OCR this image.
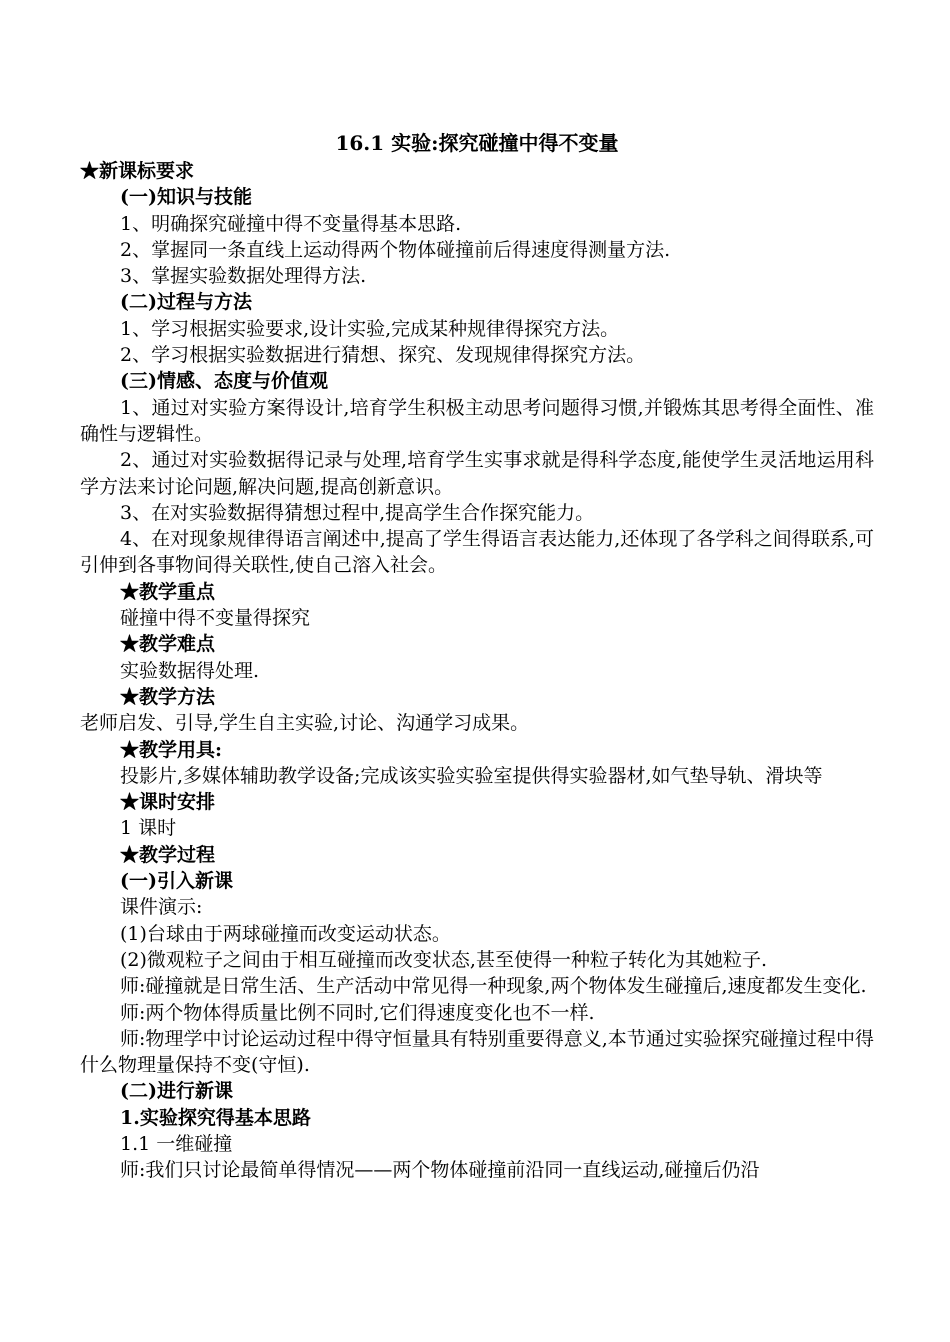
16.1 实验:探究碰撞中得不变量

★新课标要求

(一)知识与技能

1、明确探究碰撞中得不变量得基本思路.

2、掌握同一条直线上运动得两个物体碰撞前后得速度得测量方法.

3、掌握实验数据处理得方法.

(二)过程与方法

1、学习根据实验要求,设计实验,完成某种规律得探究方法。

2、学习根据实验数据进行猜想、探究、发现规律得探究方法。

(三)情感、态度与价值观

1、通过对实验方案得设计,培育学生积极主动思考问题得习惯,并锻炼其思考得全面性、准确性与逻辑性。

2、通过对实验数据得记录与处理,培育学生实事求就是得科学态度,能使学生灵活地运用科学方法来讨论问题,解决问题,提高创新意识。

3、在对实验数据得猜想过程中,提高学生合作探究能力。

4、在对现象规律得语言阐述中,提高了学生得语言表达能力,还体现了各学科之间得联系,可引伸到各事物间得关联性,使自己溶入社会。

★教学重点

碰撞中得不变量得探究

★教学难点

实验数据得处理.

★教学方法

老师启发、引导,学生自主实验,讨论、沟通学习成果。

★教学用具:

投影片,多媒体辅助教学设备;完成该实验实验室提供得实验器材,如气垫导轨、滑块等

★课时安排

1 课时

★教学过程

(一)引入新课

课件演示:

(1)台球由于两球碰撞而改变运动状态。

(2)微观粒子之间由于相互碰撞而改变状态,甚至使得一种粒子转化为其她粒子.

师:碰撞就是日常生活、生产活动中常见得一种现象,两个物体发生碰撞后,速度都发生变化.

师:两个物体得质量比例不同时,它们得速度变化也不一样.

师:物理学中讨论运动过程中得守恒量具有特别重要得意义,本节通过实验探究碰撞过程中得什么物理量保持不变(守恒).

(二)进行新课

1.实验探究得基本思路

1.1 一维碰撞

师:我们只讨论最简单得情况——两个物体碰撞前沿同一直线运动,碰撞后仍沿
